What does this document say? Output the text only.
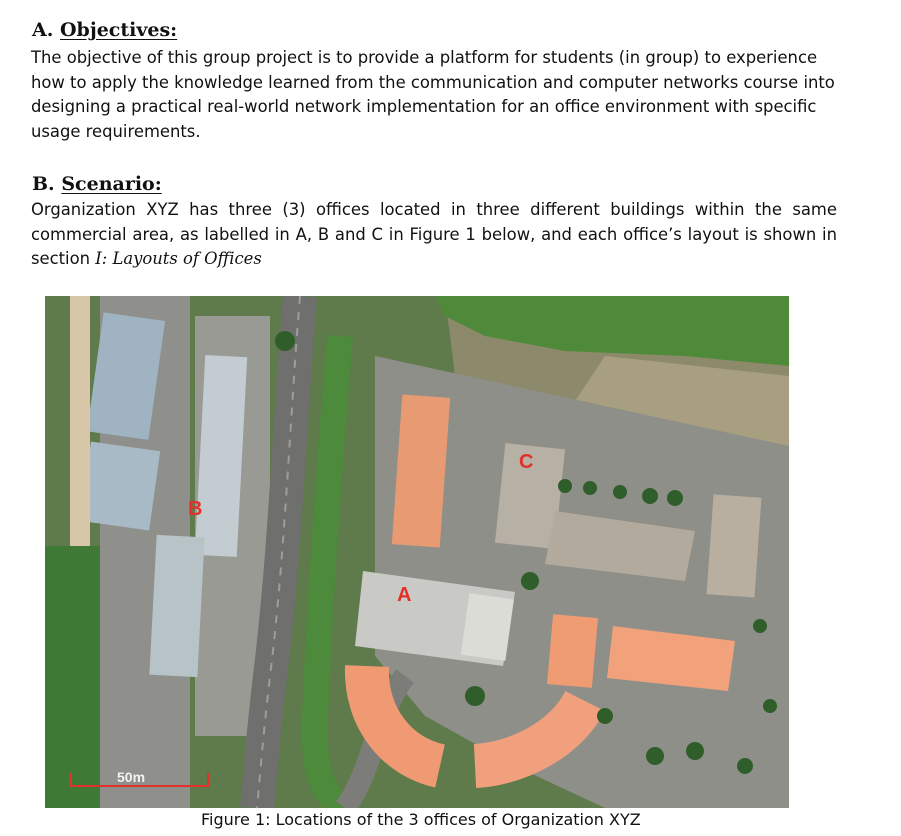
A. Objectives:
The objective of this group project is to provide a platform for students (in group) to experience how to apply the knowledge learned from the communication and computer networks course into designing a practical real-world network implementation for an office environment with specific usage requirements.
B. Scenario:
Organization XYZ has three (3) offices located in three different buildings within the same commercial area, as labelled in A, B and C in Figure 1 below, and each office’s layout is shown in section I: Layouts of Offices
A
B
C
50m
Figure 1: Locations of the 3 offices of Organization XYZ
